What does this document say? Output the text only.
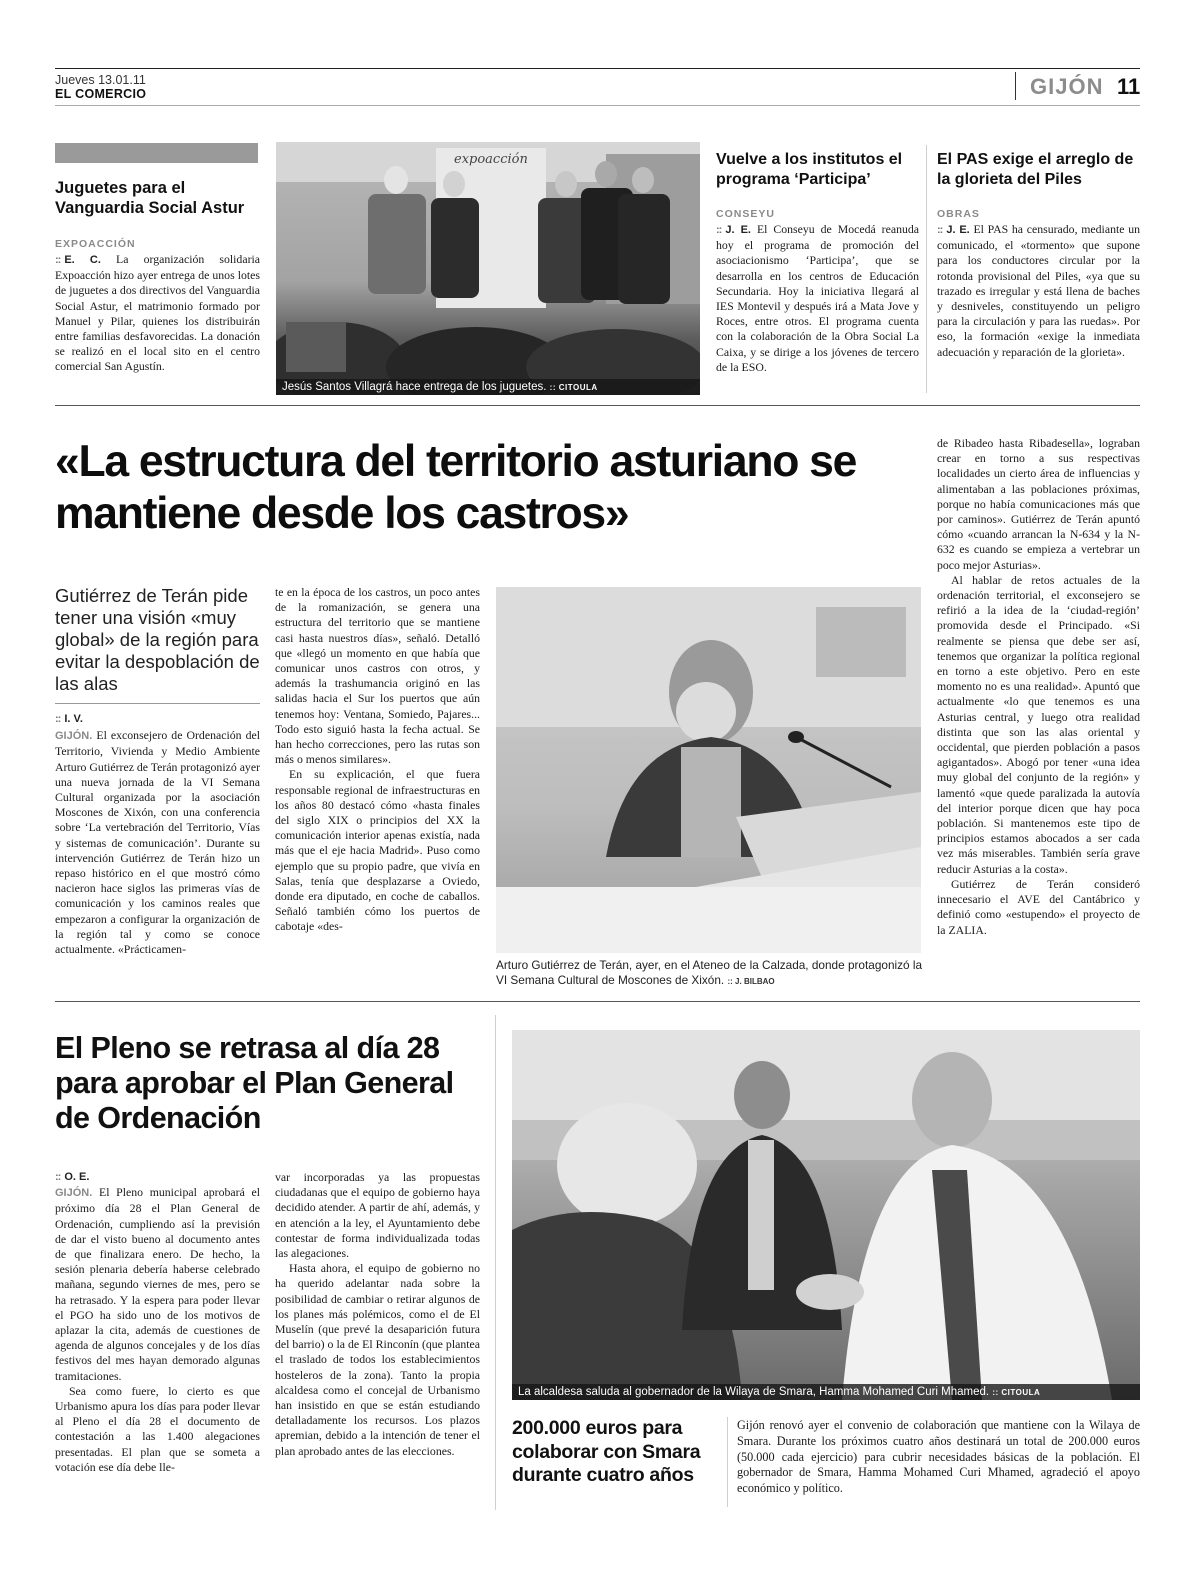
Jueves 13.01.11
EL COMERCIO	GIJÓN 11
Juguetes para el Vanguardia Social Astur
EXPOACCIÓN
:: E. C. La organización solidaria Expoacción hizo ayer entrega de unos lotes de juguetes a dos directivos del Vanguardia Social Astur, el matrimonio formado por Manuel y Pilar, quienes los distribuirán entre familias desfavorecidas. La donación se realizó en el local sito en el centro comercial San Agustín.
expoacción
Jesús Santos Villagrá hace entrega de los juguetes. :: CITOULA
Vuelve a los institutos el programa ‘Participa’
CONSEYU
:: J. E. El Conseyu de Mocedá reanuda hoy el programa de promoción del asociacionismo ‘Participa’, que se desarrolla en los centros de Educación Secundaria. Hoy la iniciativa llegará al IES Montevil y después irá a Mata Jove y Roces, entre otros. El programa cuenta con la colaboración de la Obra Social La Caixa, y se dirige a los jóvenes de tercero de la ESO.
El PAS exige el arreglo de la glorieta del Piles
OBRAS
:: J. E. El PAS ha censurado, mediante un comunicado, el «tormento» que supone para los conductores circular por la rotonda provisional del Piles, «ya que su trazado es irregular y está llena de baches y desniveles, constituyendo un peligro para la circulación y para las ruedas». Por eso, la formación «exige la inmediata adecuación y reparación de la glorieta».
«La estructura del territorio asturiano se mantiene desde los castros»
Gutiérrez de Terán pide tener una visión «muy global» de la región para evitar la despoblación de las alas
:: I. V.

GIJÓN. El exconsejero de Ordenación del Territorio, Vivienda y Medio Ambiente Arturo Gutiérrez de Terán protagonizó ayer una nueva jornada de la VI Semana Cultural organizada por la asociación Moscones de Xixón, con una conferencia sobre ‘La vertebración del Territorio, Vías y sistemas de comunicación’. Durante su intervención Gutiérrez de Terán hizo un repaso histórico en el que mostró cómo nacieron hace siglos las primeras vías de comunicación y los caminos reales que empezaron a configurar la organización de la región tal y como se conoce actualmente. «Prácticamen-

te en la época de los castros, un poco antes de la romanización, se genera una estructura del territorio que se mantiene casi hasta nuestros días», señaló. Detalló que «llegó un momento en que había que comunicar unos castros con otros, y además la trashumancia originó en las salidas hacia el Sur los puertos que aún tenemos hoy: Ventana, Somiedo, Pajares... Todo esto siguió hasta la fecha actual. Se han hecho correcciones, pero las rutas son más o menos similares».

En su explicación, el que fuera responsable regional de infraestructuras en los años 80 destacó cómo «hasta finales del siglo XIX o principios del XX la comunicación interior apenas existía, nada más que el eje hacia Madrid». Puso como ejemplo que su propio padre, que vivía en Salas, tenía que desplazarse a Oviedo, donde era diputado, en coche de caballos. Señaló también cómo los puertos de cabotaje «des-

Arturo Gutiérrez de Terán, ayer, en el Ateneo de la Calzada, donde protagonizó la VI Semana Cultural de Moscones de Xixón. :: J. BILBAO

de Ribadeo hasta Ribadesella», lograban crear en torno a sus respectivas localidades un cierto área de influencias y alimentaban a las poblaciones próximas, porque no había comunicaciones más que por caminos». Gutiérrez de Terán apuntó cómo «cuando arrancan la N-634 y la N-632 es cuando se empieza a vertebrar un poco mejor Asturias».

Al hablar de retos actuales de la ordenación territorial, el exconsejero se refirió a la idea de la ‘ciudad-región’ promovida desde el Principado. «Si realmente se piensa que debe ser así, tenemos que organizar la política regional en torno a este objetivo. Pero en este momento no es una realidad». Apuntó que actualmente «lo que tenemos es una Asturias central, y luego otra realidad distinta que son las alas oriental y occidental, que pierden población a pasos agigantados». Abogó por tener «una idea muy global del conjunto de la región» y lamentó «que quede paralizada la autovía del interior porque dicen que hay poca población. Si mantenemos este tipo de principios estamos abocados a ser cada vez más miserables. También sería grave reducir Asturias a la costa».

Gutiérrez de Terán consideró innecesario el AVE del Cantábrico y definió como «estupendo» el proyecto de la ZALIA.

El Pleno se retrasa al día 28 para aprobar el Plan General de Ordenación
:: O. E.

GIJÓN. El Pleno municipal aprobará el próximo día 28 el Plan General de Ordenación, cumpliendo así la previsión de dar el visto bueno al documento antes de que finalizara enero. De hecho, la sesión plenaria debería haberse celebrado mañana, segundo viernes de mes, pero se ha retrasado. Y la espera para poder llevar el PGO ha sido uno de los motivos de aplazar la cita, además de cuestiones de agenda de algunos concejales y de los días festivos del mes hayan demorado algunas tramitaciones.

Sea como fuere, lo cierto es que Urbanismo apura los días para poder llevar al Pleno el día 28 el documento de contestación a las 1.400 alegaciones presentadas. El plan que se someta a votación ese día debe lle-

var incorporadas ya las propuestas ciudadanas que el equipo de gobierno haya decidido atender. A partir de ahí, además, y en atención a la ley, el Ayuntamiento debe contestar de forma individualizada todas las alegaciones.

Hasta ahora, el equipo de gobierno no ha querido adelantar nada sobre la posibilidad de cambiar o retirar algunos de los planes más polémicos, como el de El Muselín (que prevé la desaparición futura del barrio) o la de El Rinconín (que plantea el traslado de todos los establecimientos hosteleros de la zona). Tanto la propia alcaldesa como el concejal de Urbanismo han insistido en que se están estudiando detalladamente los recursos. Los plazos apremian, debido a la intención de tener el plan aprobado antes de las elecciones.

La alcaldesa saluda al gobernador de la Wilaya de Smara, Hamma Mohamed Curi Mhamed. :: CITOULA
200.000 euros para colaborar con Smara durante cuatro años
Gijón renovó ayer el convenio de colaboración que mantiene con la Wilaya de Smara. Durante los próximos cuatro años destinará un total de 200.000 euros (50.000 cada ejercicio) para cubrir necesidades básicas de la población. El gobernador de Smara, Hamma Mohamed Curi Mhamed, agradeció el apoyo económico y político.
